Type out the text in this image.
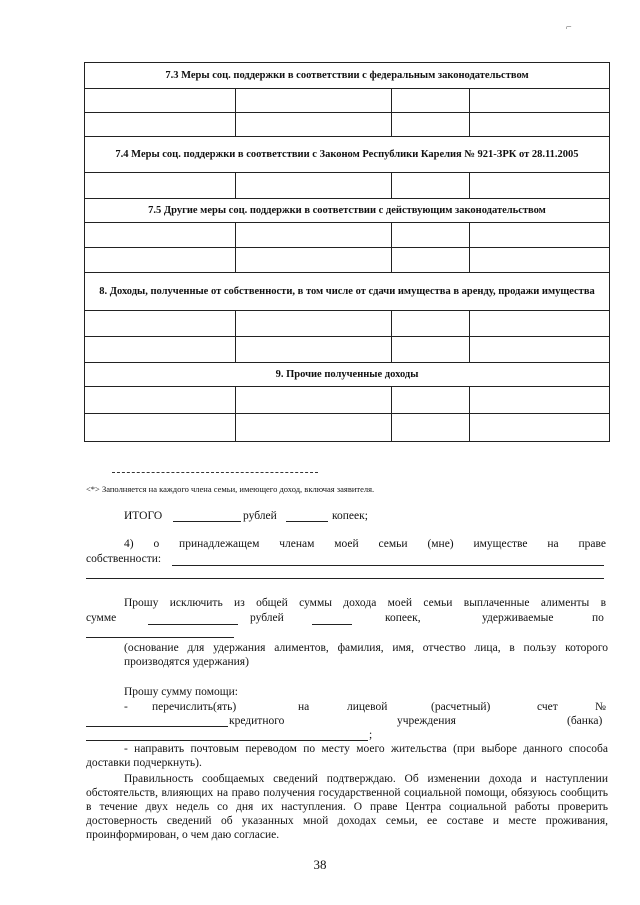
⌐
7.3 Меры соц. поддержки в соответствии с федеральным законодательством
7.4 Меры соц. поддержки в соответствии с Законом Республики Карелия № 921-ЗРК от 28.11.2005
7.5 Другие меры соц. поддержки в соответствии с действующим законодательством
8. Доходы, полученные от собственности, в том числе от сдачи имущества в аренду, продажи имущества
9. Прочие полученные доходы
<*> Заполняется на каждого члена семьи, имеющего доход, включая заявителя.
ИТОГО	рублей	копеек;
4) о принадлежащем членам моей семьи (мне) имуществе на праве
собственности:
Прошу исключить из общей суммы дохода моей семьи выплаченные алименты в
сумме	рублей	копеек,	удерживаемые	по
(основание для удержания алиментов, фамилия, имя, отчество лица, в пользу которого производятся удержания)
Прошу сумму помощи:
- перечислить(ять)	на	лицевой	(расчетный)	счет	№
кредитного	учреждения	(банка)
;
- направить почтовым переводом по месту моего жительства (при выборе данного способа доставки подчеркнуть).
Правильность сообщаемых сведений подтверждаю. Об изменении дохода и наступлении обстоятельств, влияющих на право получения государственной социальной помощи, обязуюсь сообщить в течение двух недель со дня их наступления. О праве Центра социальной работы проверить достоверность сведений об указанных мной доходах семьи, ее составе и месте проживания, проинформирован, о чем даю согласие.
38
